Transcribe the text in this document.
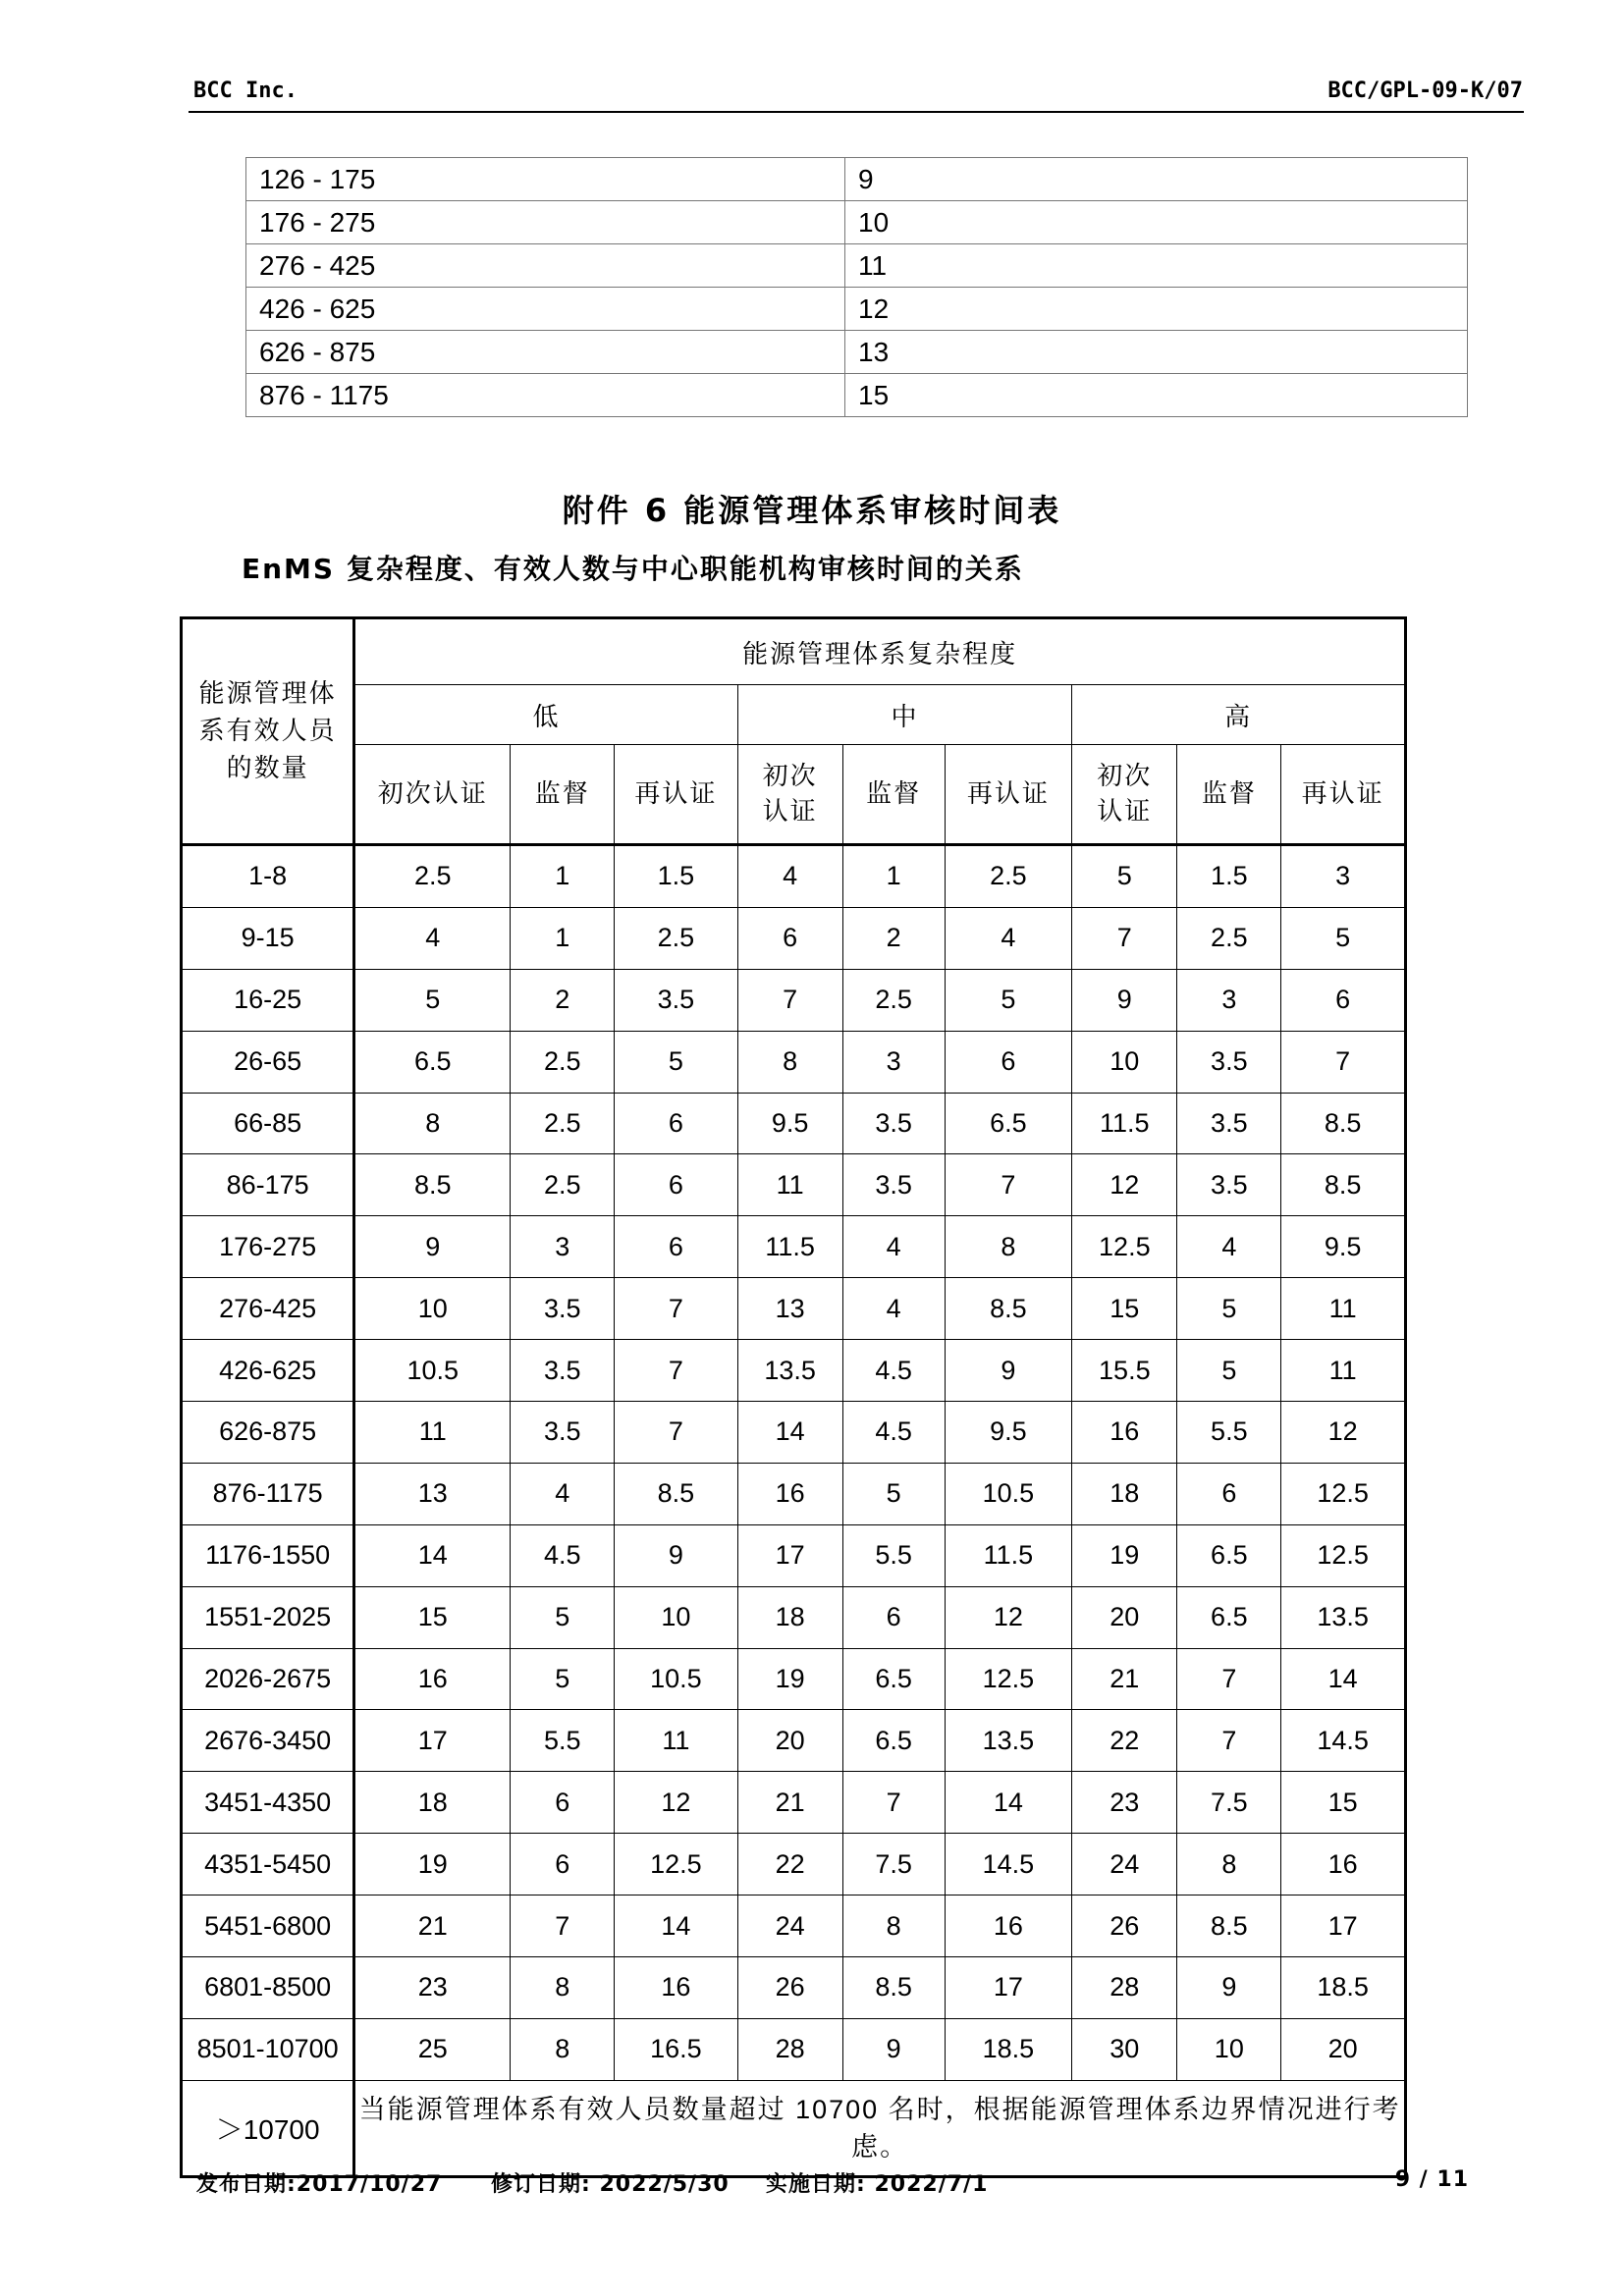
BCC Inc.	BCC/GPL-09-K/07
126 - 175	9
176 - 275	10
276 - 425	11
426 - 625	12
626 - 875	13
876 - 1175	15
附件 6 能源管理体系审核时间表
EnMS 复杂程度、有效人数与中心职能机构审核时间的关系
能源管理体系有效人员的数量	能源管理体系复杂程度								
	低			中			高		
	初次认证	监督	再认证	初次认证	监督	再认证	初次认证	监督	再认证
1-8	2.5	1	1.5	4	1	2.5	5	1.5	3
9-15	4	1	2.5	6	2	4	7	2.5	5
16-25	5	2	3.5	7	2.5	5	9	3	6
26-65	6.5	2.5	5	8	3	6	10	3.5	7
66-85	8	2.5	6	9.5	3.5	6.5	11.5	3.5	8.5
86-175	8.5	2.5	6	11	3.5	7	12	3.5	8.5
176-275	9	3	6	11.5	4	8	12.5	4	9.5
276-425	10	3.5	7	13	4	8.5	15	5	11
426-625	10.5	3.5	7	13.5	4.5	9	15.5	5	11
626-875	11	3.5	7	14	4.5	9.5	16	5.5	12
876-1175	13	4	8.5	16	5	10.5	18	6	12.5
1176-1550	14	4.5	9	17	5.5	11.5	19	6.5	12.5
1551-2025	15	5	10	18	6	12	20	6.5	13.5
2026-2675	16	5	10.5	19	6.5	12.5	21	7	14
2676-3450	17	5.5	11	20	6.5	13.5	22	7	14.5
3451-4350	18	6	12	21	7	14	23	7.5	15
4351-5450	19	6	12.5	22	7.5	14.5	24	8	16
5451-6800	21	7	14	24	8	16	26	8.5	17
6801-8500	23	8	16	26	8.5	17	28	9	18.5
8501-10700	25	8	16.5	28	9	18.5	30	10	20
＞10700	当能源管理体系有效人员数量超过 10700 名时，根据能源管理体系边界情况进行考虑。								
发布日期:2017/10/27 修订日期: 2022/5/30 实施日期: 2022/7/1	9 / 11
